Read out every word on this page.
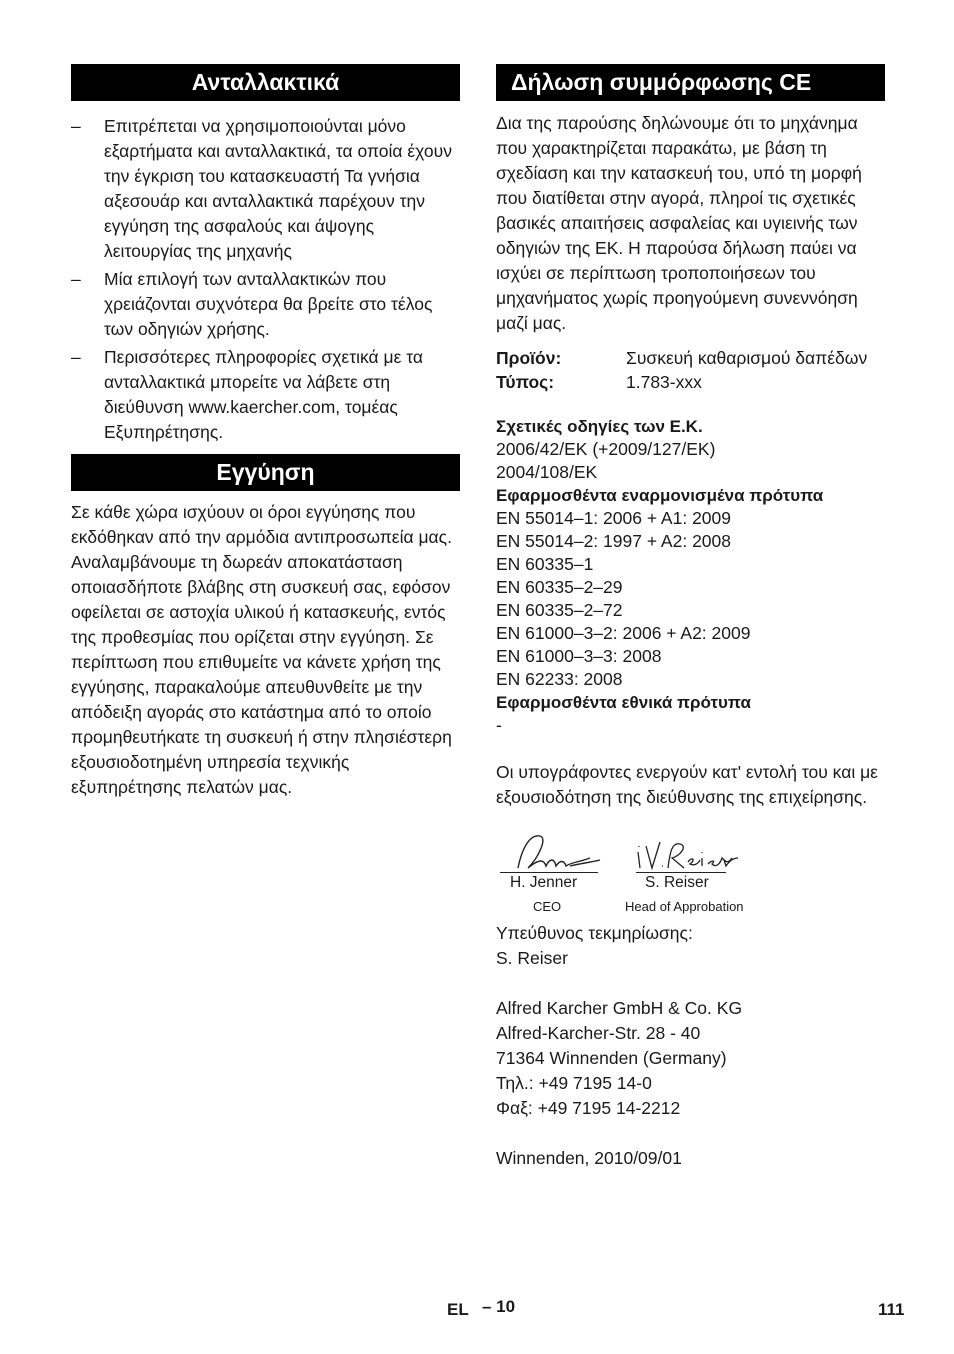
Ανταλλακτικά
– Επιτρέπεται να χρησιμοποιούνται μόνο εξαρτήματα και ανταλλακτικά, τα οποία έχουν την έγκριση του κατασκευαστή Τα γνήσια αξεσουάρ και ανταλλακτικά παρέχουν την εγγύηση της ασφαλούς και άψογης λειτουργίας της μηχανής
– Μία επιλογή των ανταλλακτικών που χρειάζονται συχνότερα θα βρείτε στο τέλος των οδηγιών χρήσης.
– Περισσότερες πληροφορίες σχετικά με τα ανταλλακτικά μπορείτε να λάβετε στη διεύθυνση www.kaercher.com, τομέας Εξυπηρέτησης.
Εγγύηση

Σε κάθε χώρα ισχύουν οι όροι εγγύησης που εκδόθηκαν από την αρμόδια αντιπροσωπεία μας. Αναλαμβάνουμε τη δωρεάν αποκατάσταση οποιασδήποτε βλάβης στη συσκευή σας, εφόσον οφείλεται σε αστοχία υλικού ή κατασκευής, εντός της προθεσμίας που ορίζεται στην εγγύηση. Σε περίπτωση που επιθυμείτε να κάνετε χρήση της εγγύησης, παρακαλούμε απευθυνθείτε με την απόδειξη αγοράς στο κατάστημα από το οποίο προμηθευτήκατε τη συσκευή ή στην πλησιέστερη εξουσιοδοτημένη υπηρεσία τεχνικής εξυπηρέτησης πελατών μας.

Δήλωση συμμόρφωσης CE

Δια της παρούσης δηλώνουμε ότι το μηχάνημα που χαρακτηρίζεται παρακάτω, με βάση τη σχεδίαση και την κατασκευή του, υπό τη μορφή που διατίθεται στην αγορά, πληροί τις σχετικές βασικές απαιτήσεις ασφαλείας και υγιεινής των οδηγιών της ΕΚ. Η παρούσα δήλωση παύει να ισχύει σε περίπτωση τροποποιήσεων του μηχανήματος χωρίς προηγούμενη συνεννόηση μαζί μας.

Προϊόν:	Συσκευή καθαρισμού δαπέδων
Τύπος:	1.783-xxx
Σχετικές οδηγίες των Ε.Κ.
2006/42/EK (+2009/127/EK)
2004/108/EK
Εφαρμοσθέντα εναρμονισμένα πρότυπα
EN 55014–1: 2006 + A1: 2009
EN 55014–2: 1997 + A2: 2008
EN 60335–1
EN 60335–2–29
EN 60335–2–72
EN 61000–3–2: 2006 + A2: 2009
EN 61000–3–3: 2008
EN 62233: 2008
Εφαρμοσθέντα εθνικά πρότυπα
-

Οι υπογράφοντες ενεργούν κατ' εντολή του και με εξουσιοδότηση της διεύθυνσης της επιχείρησης.

H. Jenner
CEO
S. Reiser
Head of Approbation

Υπεύθυνος τεκμηρίωσης:

S. Reiser

Alfred Karcher GmbH & Co. KG

Alfred-Karcher-Str. 28 - 40

71364 Winnenden (Germany)

Τηλ.: +49 7195 14-0

Φαξ: +49 7195 14-2212

Winnenden, 2010/09/01

EL – 10	111
